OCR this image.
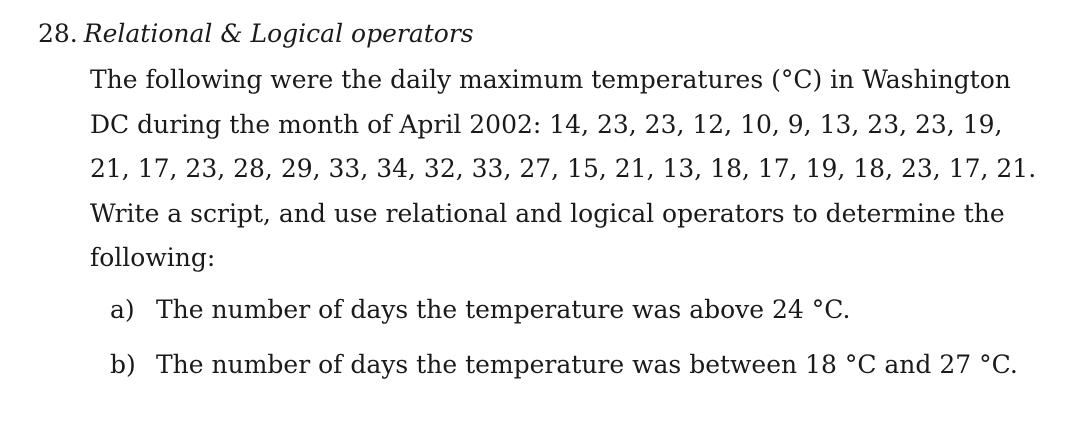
28. Relational & Logical operators

The following were the daily maximum temperatures (°C) in Washington

DC during the month of April 2002: 14, 23, 23, 12, 10, 9, 13, 23, 23, 19,

21, 17, 23, 28, 29, 33, 34, 32, 33, 27, 15, 21, 13, 18, 17, 19, 18, 23, 17, 21.

Write a script, and use relational and logical operators to determine the

following:

a) The number of days the temperature was above 24 °C.
b) The number of days the temperature was between 18 °C and 27 °C.
